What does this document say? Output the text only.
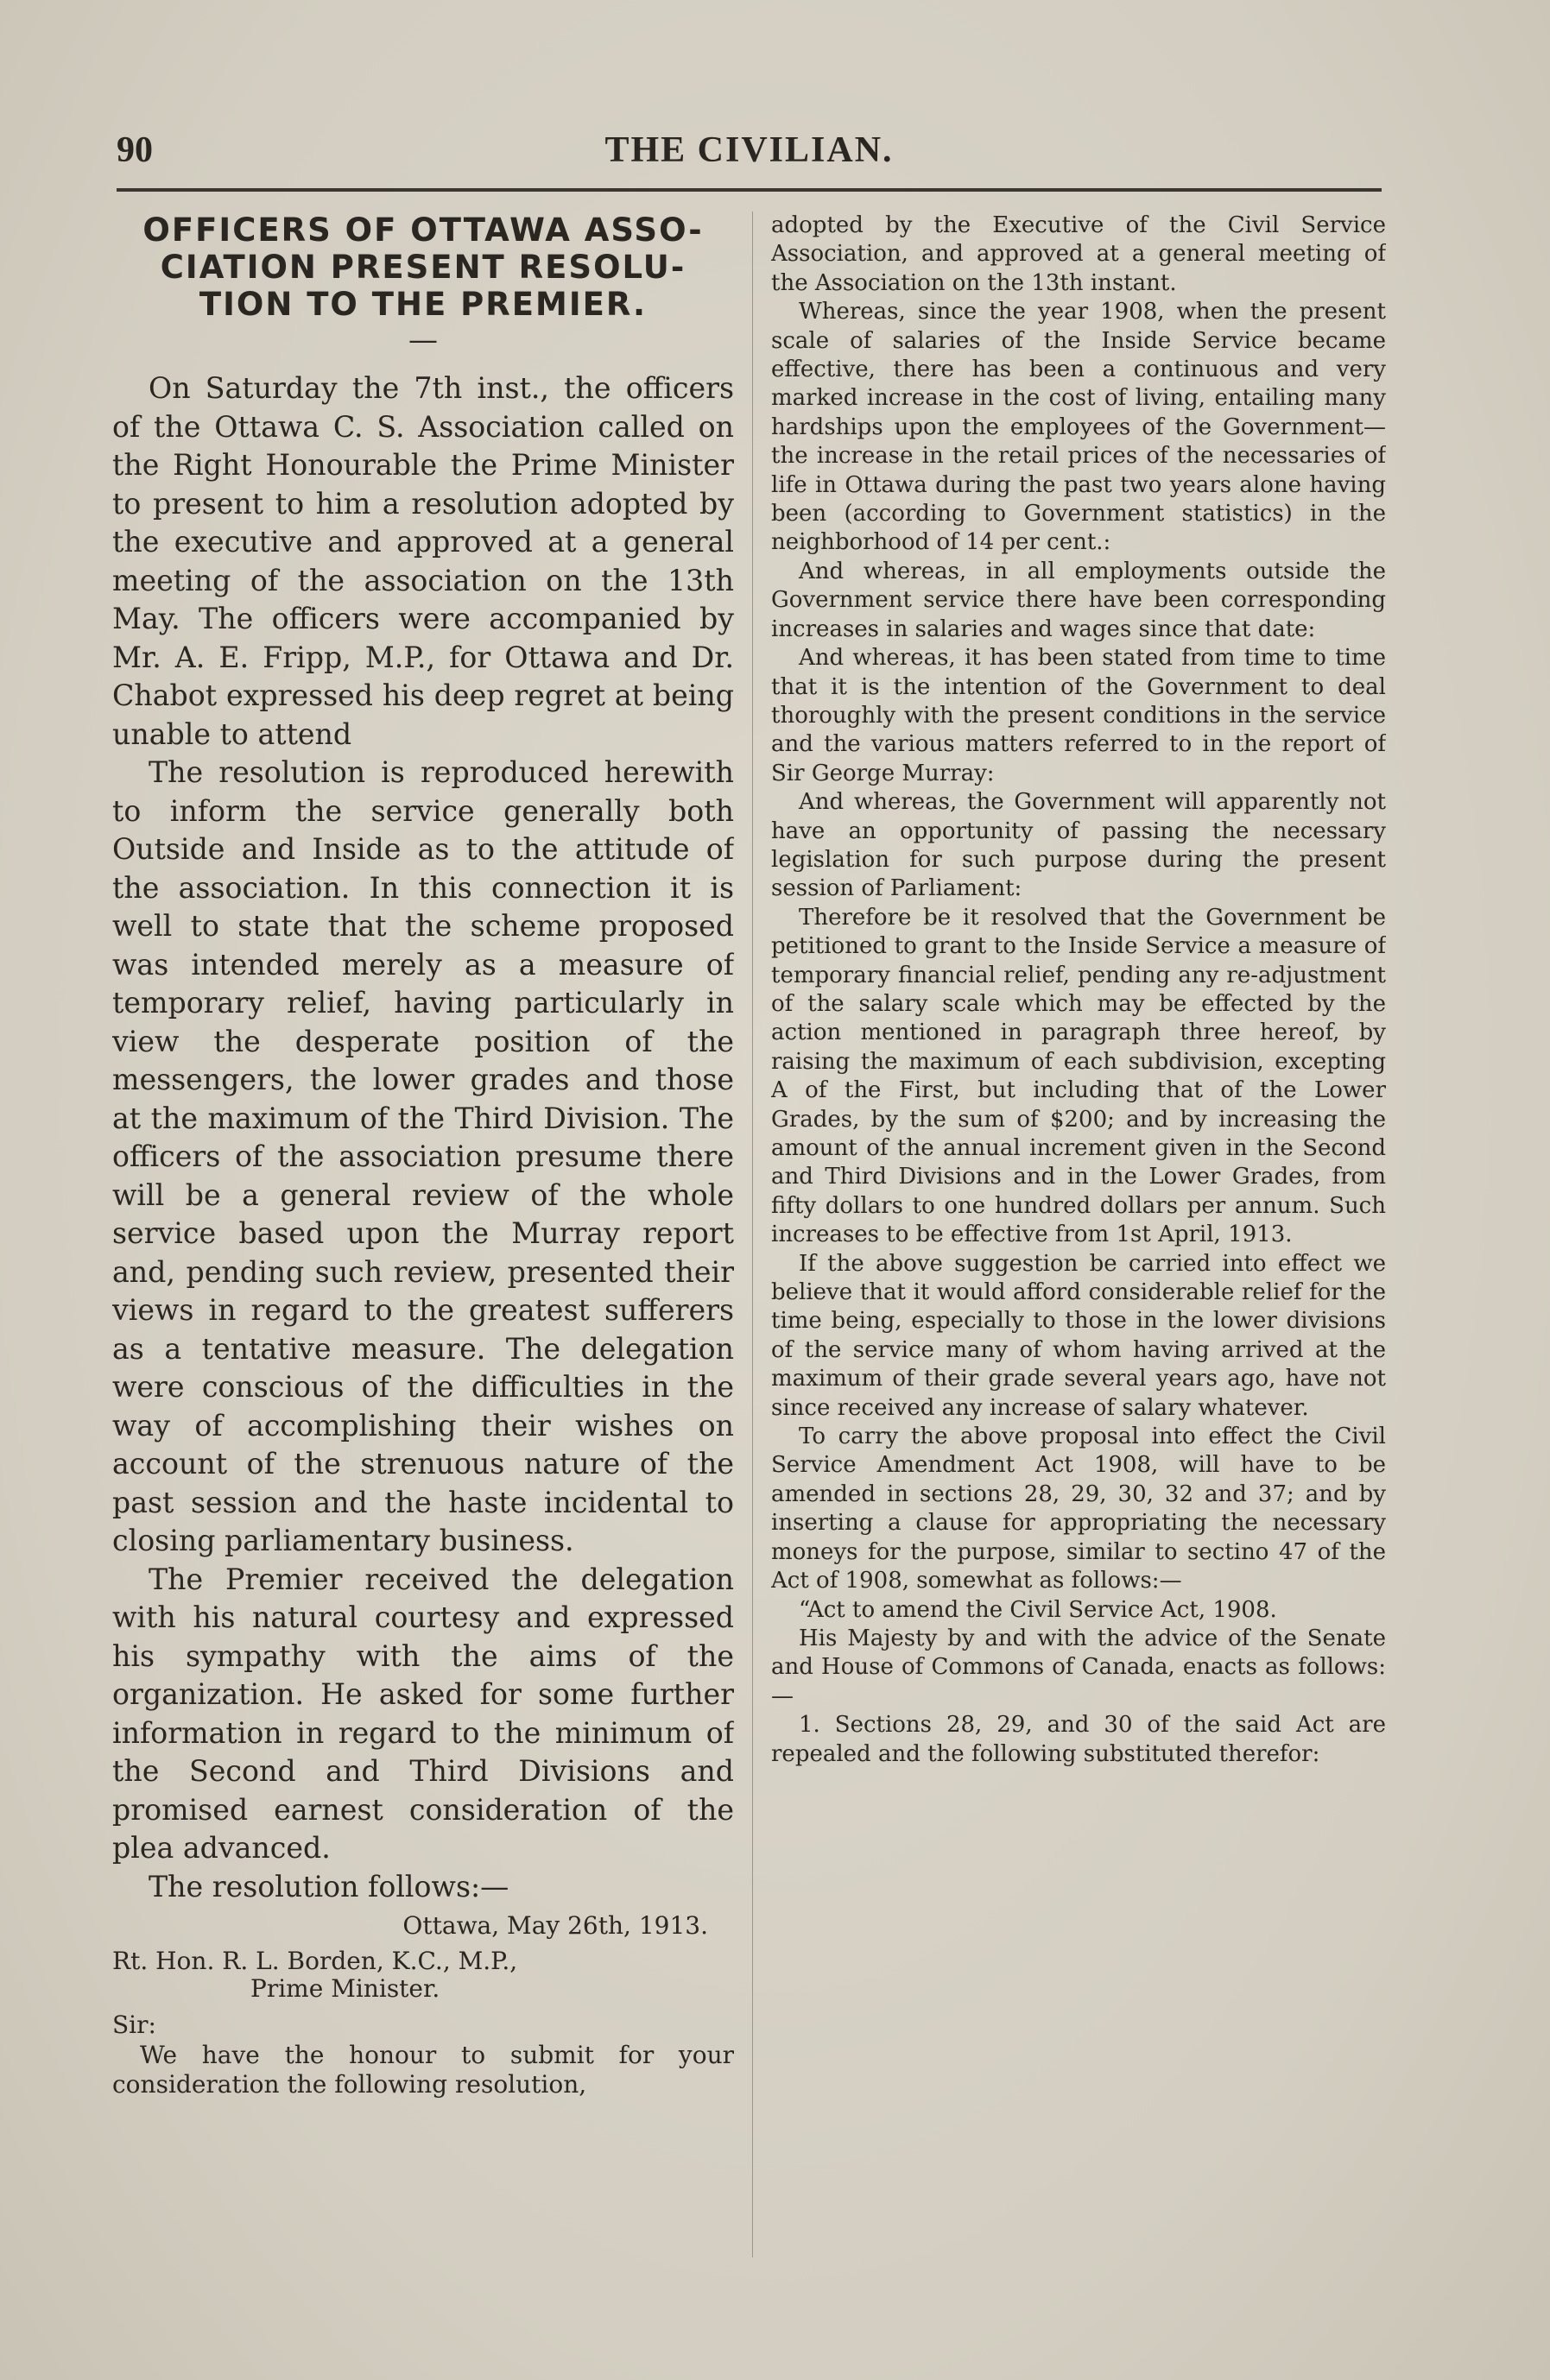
90	THE CIVILIAN.
OFFICERS OF OTTAWA ASSO-CIATION PRESENT RESOLU-TION TO THE PREMIER.
—

On Saturday the 7th inst., the officers of the Ottawa C. S. Association called on the Right Honourable the Prime Minister to present to him a resolution adopted by the executive and approved at a general meeting of the association on the 13th May. The officers were accompanied by Mr. A. E. Fripp, M.P., for Ottawa and Dr. Chabot expressed his deep regret at being unable to attend

The resolution is reproduced herewith to inform the service generally both Outside and Inside as to the attitude of the association. In this connection it is well to state that the scheme proposed was intended merely as a measure of temporary relief, having particularly in view the desperate position of the messengers, the lower grades and those at the maximum of the Third Division. The officers of the association presume there will be a general review of the whole service based upon the Murray report and, pending such review, presented their views in regard to the greatest sufferers as a tentative measure. The delegation were conscious of the difficulties in the way of accomplishing their wishes on account of the strenuous nature of the past session and the haste incidental to closing parliamentary business.

The Premier received the delegation with his natural courtesy and expressed his sympathy with the aims of the organization. He asked for some further information in regard to the minimum of the Second and Third Divisions and promised earnest consideration of the plea advanced.

The resolution follows:—

Ottawa, May 26th, 1913.

Rt. Hon. R. L. Borden, K.C., M.P.,

Prime Minister.

Sir:

We have the honour to submit for your consideration the following resolution,

adopted by the Executive of the Civil Service Association, and approved at a general meeting of the Association on the 13th instant.

Whereas, since the year 1908, when the present scale of salaries of the Inside Service became effective, there has been a continuous and very marked increase in the cost of living, entailing many hardships upon the employees of the Government—the increase in the retail prices of the necessaries of life in Ottawa during the past two years alone having been (according to Government statistics) in the neighborhood of 14 per cent.:

And whereas, in all employments outside the Government service there have been corresponding increases in salaries and wages since that date:

And whereas, it has been stated from time to time that it is the intention of the Government to deal thoroughly with the present conditions in the service and the various matters referred to in the report of Sir George Murray:

And whereas, the Government will apparently not have an opportunity of passing the necessary legislation for such purpose during the present session of Parliament:

Therefore be it resolved that the Government be petitioned to grant to the Inside Service a measure of temporary financial relief, pending any re-adjustment of the salary scale which may be effected by the action mentioned in paragraph three hereof, by raising the maximum of each subdivision, excepting A of the First, but including that of the Lower Grades, by the sum of $200; and by increasing the amount of the annual increment given in the Second and Third Divisions and in the Lower Grades, from fifty dollars to one hundred dollars per annum. Such increases to be effective from 1st April, 1913.

If the above suggestion be carried into effect we believe that it would afford considerable relief for the time being, especially to those in the lower divisions of the service many of whom having arrived at the maximum of their grade several years ago, have not since received any increase of salary whatever.

To carry the above proposal into effect the Civil Service Amendment Act 1908, will have to be amended in sections 28, 29, 30, 32 and 37; and by inserting a clause for appropriating the necessary moneys for the purpose, similar to sectino 47 of the Act of 1908, somewhat as follows:—

“Act to amend the Civil Service Act, 1908.

His Majesty by and with the advice of the Senate and House of Commons of Canada, enacts as follows:—

1. Sections 28, 29, and 30 of the said Act are repealed and the following substituted therefor:
